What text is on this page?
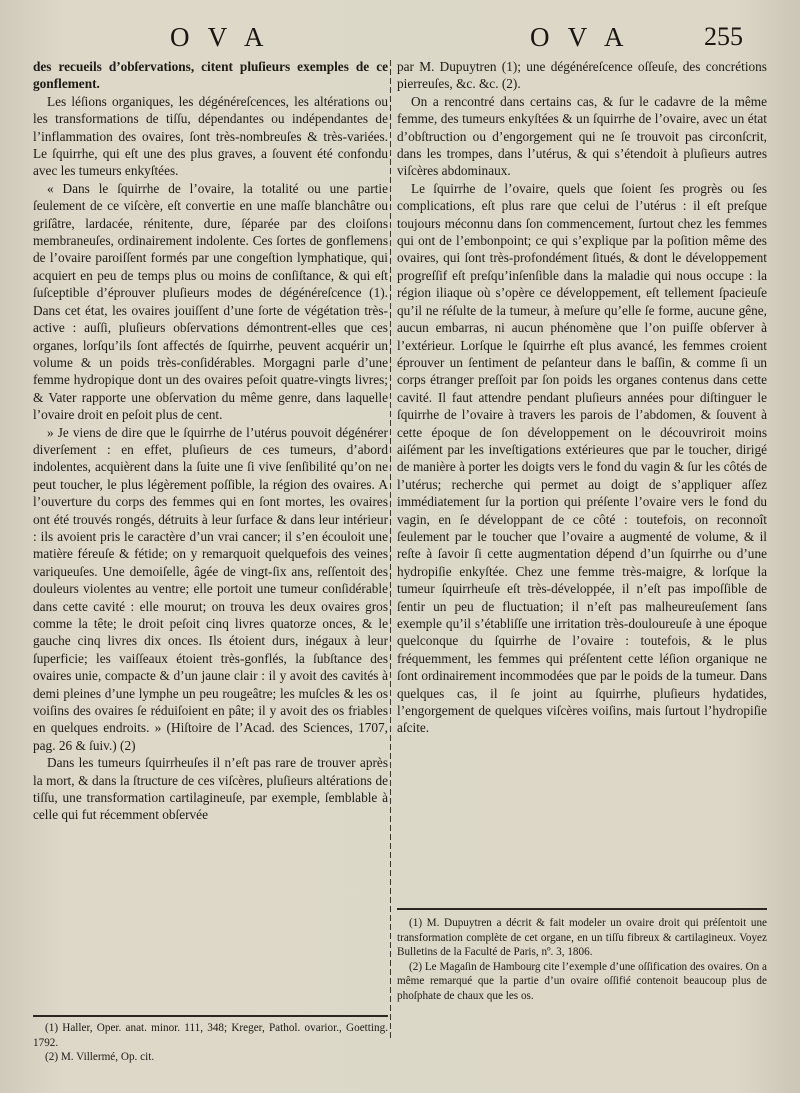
O V A	O V A	255

des recueils d’obſervations, citent pluſieurs exemples de ce gonflement.

Les léſions organiques, les dégénéreſcences, les altérations ou les transformations de tiſſu, dépendantes ou indépendantes de l’inflammation des ovaires, ſont très-nombreuſes & très-variées. Le ſquirrhe, qui eſt une des plus graves, a ſouvent été confondu avec les tumeurs enkyſtées.

« Dans le ſquirrhe de l’ovaire, la totalité ou une partie ſeulement de ce viſcère, eſt convertie en une maſſe blanchâtre ou griſâtre, lardacée, rénitente, dure, ſéparée par des cloiſons membraneuſes, ordinairement indolente. Ces ſortes de gonflemens de l’ovaire paroiſſent formés par une congeſtion lymphatique, qui acquiert en peu de temps plus ou moins de conſiſtance, & qui eſt ſuſceptible d’éprouver pluſieurs modes de dégénéreſcence (1). Dans cet état, les ovaires jouiſſent d’une ſorte de végétation très-active : auſſi, pluſieurs obſervations démontrent-elles que ces organes, lorſqu’ils ſont affectés de ſquirrhe, peuvent acquérir un volume & un poids très-conſidérables. Morgagni parle d’une femme hydropique dont un des ovaires peſoit quatre-vingts livres; & Vater rapporte une obſervation du même genre, dans laquelle l’ovaire droit en peſoit plus de cent.

» Je viens de dire que le ſquirrhe de l’utérus pouvoit dégénérer diverſement : en effet, pluſieurs de ces tumeurs, d’abord indolentes, acquièrent dans la ſuite une ſi vive ſenſibilité qu’on ne peut toucher, le plus légèrement poſſible, la région des ovaires. A l’ouverture du corps des femmes qui en ſont mortes, les ovaires ont été trouvés rongés, détruits à leur ſurface & dans leur intérieur : ils avoient pris le caractère d’un vrai cancer; il s’en écouloit une matière féreuſe & fétide; on y remarquoit quelquefois des veines variqueuſes. Une demoiſelle, âgée de vingt-ſix ans, reſſentoit des douleurs violentes au ventre; elle portoit une tumeur conſidérable dans cette cavité : elle mourut; on trouva les deux ovaires gros comme la tête; le droit peſoit cinq livres quatorze onces, & le gauche cinq livres dix onces. Ils étoient durs, inégaux à leur ſuperficie; les vaiſſeaux étoient très-gonflés, la ſubſtance des ovaires unie, compacte & d’un jaune clair : il y avoit des cavités à demi pleines d’une lymphe un peu rougeâtre; les muſcles & les os voiſins des ovaires ſe réduiſoient en pâte; il y avoit des os friables en quelques endroits. » (Hiſtoire de l’Acad. des Sciences, 1707, pag. 26 & ſuiv.) (2)

Dans les tumeurs ſquirrheuſes il n’eſt pas rare de trouver après la mort, & dans la ſtructure de ces viſcères, pluſieurs altérations de tiſſu, une transformation cartilagineuſe, par exemple, ſemblable à celle qui fut récemment obſervée

par M. Dupuytren (1); une dégénéreſcence oſſeuſe, des concrétions pierreuſes, &c. &c. (2).

On a rencontré dans certains cas, & ſur le cadavre de la même femme, des tumeurs enkyſtées & un ſquirrhe de l’ovaire, avec un état d’obſtruction ou d’engorgement qui ne ſe trouvoit pas circonſcrit, dans les trompes, dans l’utérus, & qui s’étendoit à pluſieurs autres viſcères abdominaux.

Le ſquirrhe de l’ovaire, quels que ſoient ſes progrès ou ſes complications, eſt plus rare que celui de l’utérus : il eſt preſque toujours méconnu dans ſon commencement, ſurtout chez les femmes qui ont de l’embonpoint; ce qui s’explique par la poſition même des ovaires, qui ſont très-profondément ſitués, & dont le développement progreſſif eſt preſqu’inſenſible dans la maladie qui nous occupe : la région iliaque où s’opère ce développement, eſt tellement ſpacieuſe qu’il ne réſulte de la tumeur, à meſure qu’elle ſe forme, aucune gêne, aucun embarras, ni aucun phénomène que l’on puiſſe obſerver à l’extérieur. Lorſque le ſquirrhe eſt plus avancé, les femmes croient éprouver un ſentiment de peſanteur dans le baſſin, & comme ſi un corps étranger preſſoit par ſon poids les organes contenus dans cette cavité. Il faut attendre pendant pluſieurs années pour diſtinguer le ſquirrhe de l’ovaire à travers les parois de l’abdomen, & ſouvent à cette époque de ſon développement on le découvriroit moins aiſément par les inveſtigations extérieures que par le toucher, dirigé de manière à porter les doigts vers le fond du vagin & ſur les côtés de l’utérus; recherche qui permet au doigt de s’appliquer aſſez immédiatement ſur la portion qui préſente l’ovaire vers le fond du vagin, en ſe développant de ce côté : toutefois, on reconnoît ſeulement par le toucher que l’ovaire a augmenté de volume, & il reſte à ſavoir ſi cette augmentation dépend d’un ſquirrhe ou d’une hydropiſie enkyſtée. Chez une femme très-maigre, & lorſque la tumeur ſquirrheuſe eſt très-développée, il n’eſt pas impoſſible de ſentir un peu de fluctuation; il n’eſt pas malheureuſement ſans exemple qu’il s’établiſſe une irritation très-douloureuſe à une époque quelconque du ſquirrhe de l’ovaire : toutefois, & le plus fréquemment, les femmes qui préſentent cette léſion organique ne ſont ordinairement incommodées que par le poids de la tumeur. Dans quelques cas, il ſe joint au ſquirrhe, pluſieurs hydatides, l’engorgement de quelques viſcères voiſins, mais ſurtout l’hydropiſie aſcite.

(1) Haller, Oper. anat. minor. 111, 348; Kreger, Pathol. ovarior., Goetting. 1792.

(2) M. Villermé, Op. cit.

(1) M. Dupuytren a décrit & fait modeler un ovaire droit qui préſentoit une transformation complète de cet organe, en un tiſſu fibreux & cartilagineux. Voyez Bulletins de la Faculté de Paris, nº. 3, 1806.

(2) Le Magaſin de Hambourg cite l’exemple d’une oſſification des ovaires. On a même remarqué que la partie d’un ovaire oſſifié contenoit beaucoup plus de phoſphate de chaux que les os.
